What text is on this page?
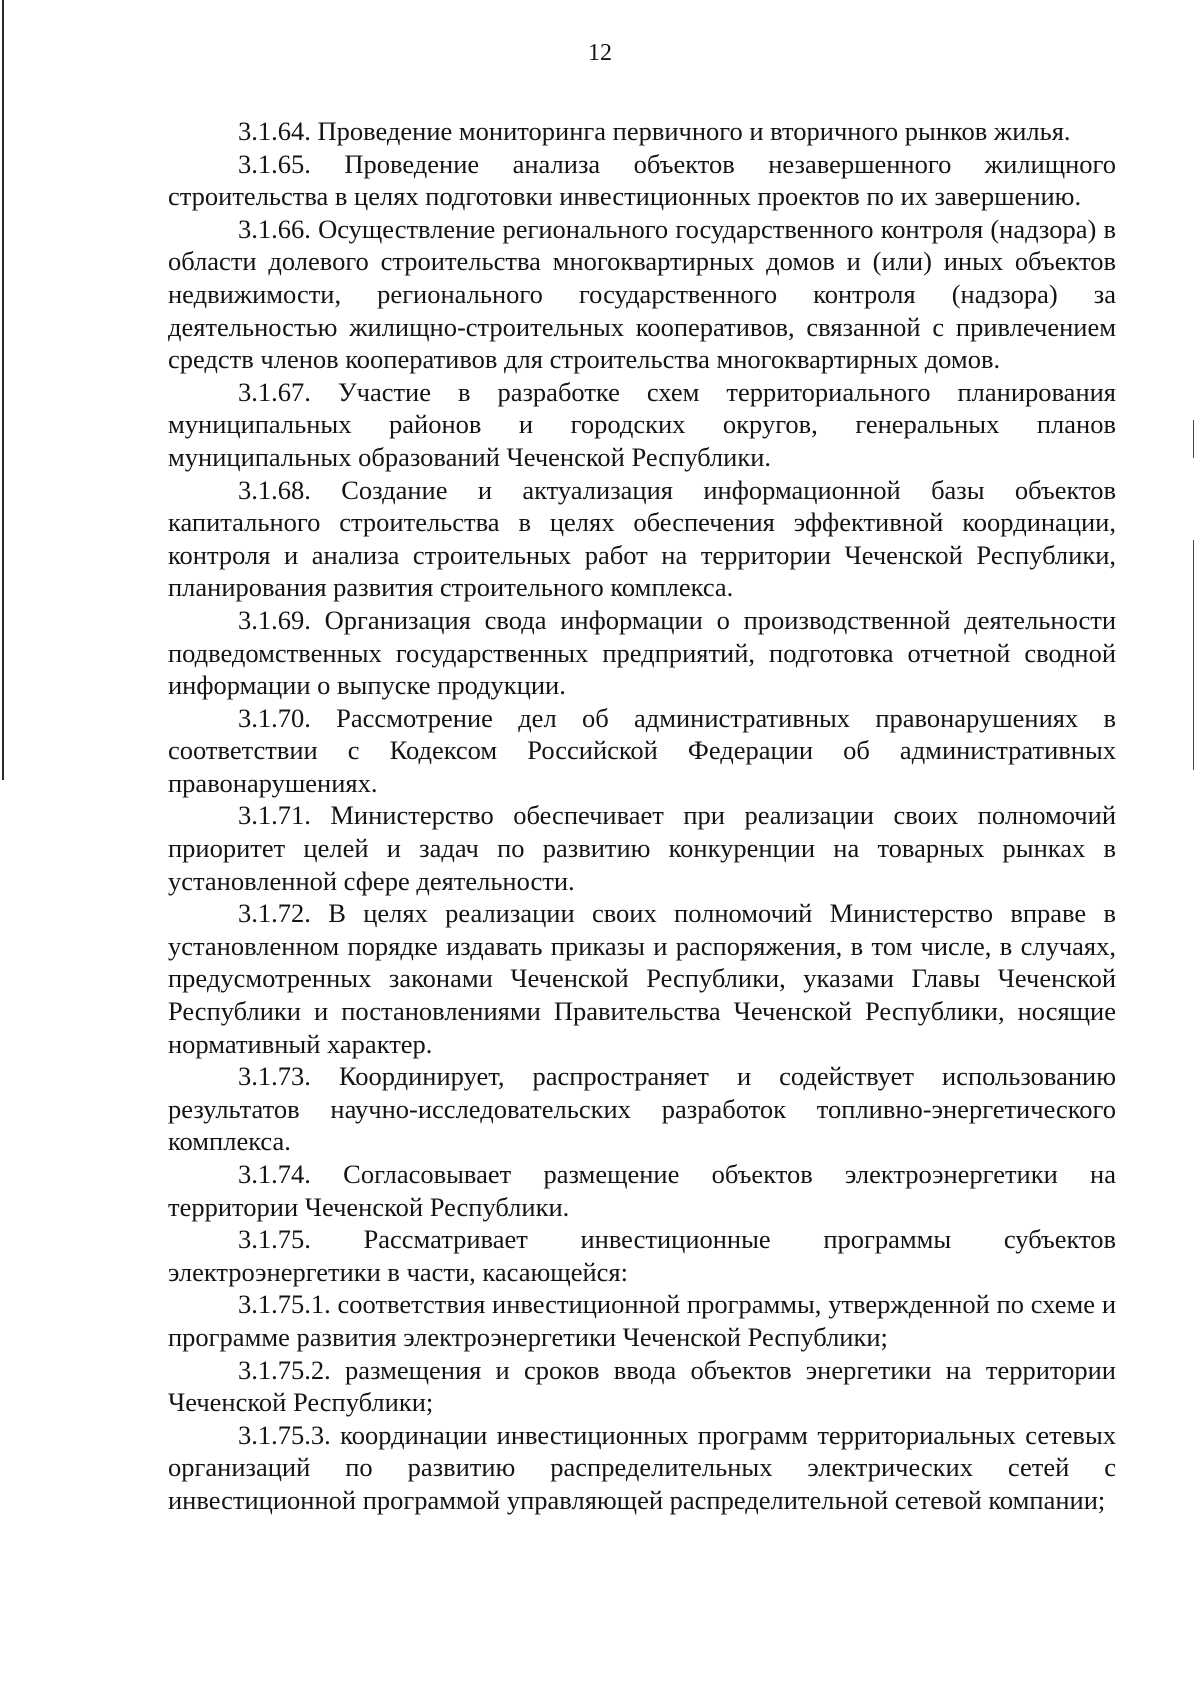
12

3.1.64. Проведение мониторинга первичного и вторичного рынков жилья.

3.1.65. Проведение анализа объектов незавершенного жилищного строительства в целях подготовки инвестиционных проектов по их завершению.

3.1.66. Осуществление регионального государственного контроля (надзора) в области долевого строительства многоквартирных домов и (или) иных объектов недвижимости, регионального государственного контроля (надзора) за деятельностью жилищно-строительных кооперативов, связанной с привлечением средств членов кооперативов для строительства многоквартирных домов.

3.1.67. Участие в разработке схем территориального планирования муниципальных районов и городских округов, генеральных планов муниципальных образований Чеченской Республики.

3.1.68. Создание и актуализация информационной базы объектов капитального строительства в целях обеспечения эффективной координации, контроля и анализа строительных работ на территории Чеченской Республики, планирования развития строительного комплекса.

3.1.69. Организация свода информации о производственной деятельности подведомственных государственных предприятий, подготовка отчетной сводной информации о выпуске продукции.

3.1.70. Рассмотрение дел об административных правонарушениях в соответствии с Кодексом Российской Федерации об административных правонарушениях.

3.1.71. Министерство обеспечивает при реализации своих полномочий приоритет целей и задач по развитию конкуренции на товарных рынках в установленной сфере деятельности.

3.1.72. В целях реализации своих полномочий Министерство вправе в установленном порядке издавать приказы и распоряжения, в том числе, в случаях, предусмотренных законами Чеченской Республики, указами Главы Чеченской Республики и постановлениями Правительства Чеченской Республики, носящие нормативный характер.

3.1.73. Координирует, распространяет и содействует использованию результатов научно-исследовательских разработок топливно-энергетического комплекса.

3.1.74. Согласовывает размещение объектов электроэнергетики на территории Чеченской Республики.

3.1.75. Рассматривает инвестиционные программы субъектов электроэнергетики в части, касающейся:

3.1.75.1. соответствия инвестиционной программы, утвержденной по схеме и программе развития электроэнергетики Чеченской Республики;

3.1.75.2. размещения и сроков ввода объектов энергетики на территории Чеченской Республики;

3.1.75.3. координации инвестиционных программ территориальных сетевых организаций по развитию распределительных электрических сетей с инвестиционной программой управляющей распределительной сетевой компании;
